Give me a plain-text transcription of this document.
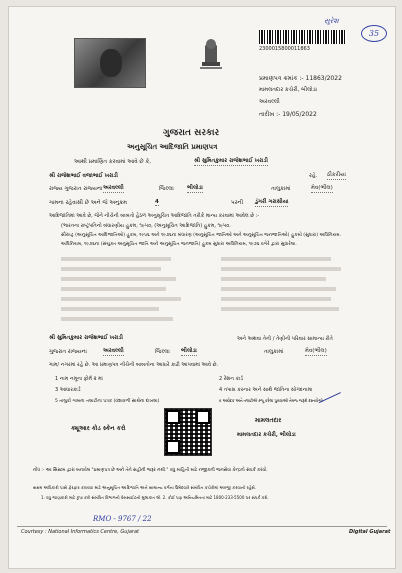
સુરેશ
35
2300015800011863
પ્રમાણપત્ર ક્રમાંક :- 11863/2022
મામલતદાર કચેરી, બીલોડા
અરવલ્લી
તારીખ :- 19/05/2022
ગુજરાત સરકાર
અનુસૂચિત આદિજાતિ પ્રમાણપત્ર
આથી પ્રમાણિત કરવામાં આવે છે કે,	શ્રી સુમિતકુમાર રાજેશભાઈ ખરાડી
શ્રી રાજેશભાઈ વજાભાઈ ખરાડી	રહે. ઠીકરીયા
રાજ્ય ગુજરાત રાજ્યના અરવલ્લી	જિલ્લા ભીલોડા	તાલુકામાં	મેવ(ભીલ)
ગામના રહેવાસી છે અને જે અનુક્રમ	4	પરની ડુંગરી ગરાસીયા
આદિજાતિમાં આવે છે, જેને નીચેની બાબતો હેઠળ અનુસૂચિત આદિજાતિ તરીકે માન્ય કરવામાં આવેલ છે :-
(ભારતના રાષ્ટ્રપતિનો બંધારણીય હુકમ, ૧૯૫૦, (અનુસૂચિત આદિજાતિ) હુકમ, ૧૯૫૦.
સૌરાષ્ટ્ર (અનુસૂચિત આદિજાતિઓ) હુકમ, ૧૯૫૬ અને ૧૯૭૬ના બંધારણ (અનુસૂચિત જાતિઓ અને અનુસૂચિત જનજાતિઓ) હુકમો (સુધારા) અધિનિયમ.
અધિનિયમ, ૧૯૭૬ના (સંયુક્ત અનુસૂચિત જાતિ અને અનુસૂચિત જનજાતિ) હુકમ સુધારા અધિનિયમ, ૧૯૭૬ વગેરે દ્વારા સુધારેલા.
શ્રી સુમિતકુમાર રાજેશભાઈ ખરાડી	અને અથવા તેની / તેણીની પરિવાર સામાન્ય રીતે
ગુજરાત રાજ્યના	અરવલ્લી	જિલ્લા ભીલોડા	તાલુકામાં	મેવ(ભીલ)
ગામ/ નગરમાં રહે છે. આ પ્રમાણપત્ર નીચેની બાબતોના આધારે કાઢી આપવામાં આવે છે.
1 નામ નમૂના ફોર્મ ૨ માં	2 રેશન કાર્ડ
3 આધારકાર્ડ	4 તપાસ કરનાર અને સાથે જાતિના સોગંદનામા
5 તાલુકો ગામના તલાટીના પત્રક (વંશાવળી સાથેના દાખલા)	6 આવેદક અને તલાટીએ રજૂ કરેલા પુરાવાઓ તેમજ જરૂરી દસ્તાવેજો
મામલતદાર
મામલતદાર કચેરી, ભીલોડા
ક્યૂઆર કોડ સ્કેન કરો
નોંધ :- આ સિસ્ટમ દ્વારા બનાવેલ "પ્રમાણપત્ર છે અને તેને સહીની જરૂર નથી." વધુ માહિતી માટે નજીકની જનસેવા કેન્દ્રનો સંપર્ક કરવો.
સક્ષમ અધિકારી પાસે ફેરફાર કરાવવા માટે અનુસૂચિત આદિજાતિ અને સામાન્ય વર્ગના ઉમેદવારે સંબંધિત કચેરીમાં અરજી કરવાની રહેશે.
1. વધુ જાણકારી માટે કૃપા કરી સંબંધિત વિભાગની વેબસાઈટની મુલાકાત લો. 2. કોઈ પણ અનિયમિતતા માટે 1800-233-5500 પર સંપર્ક કરો.
RMO - 9767 / 22
Courtesy : National Informatics Centre, Gujarat	Digital Gujarat
